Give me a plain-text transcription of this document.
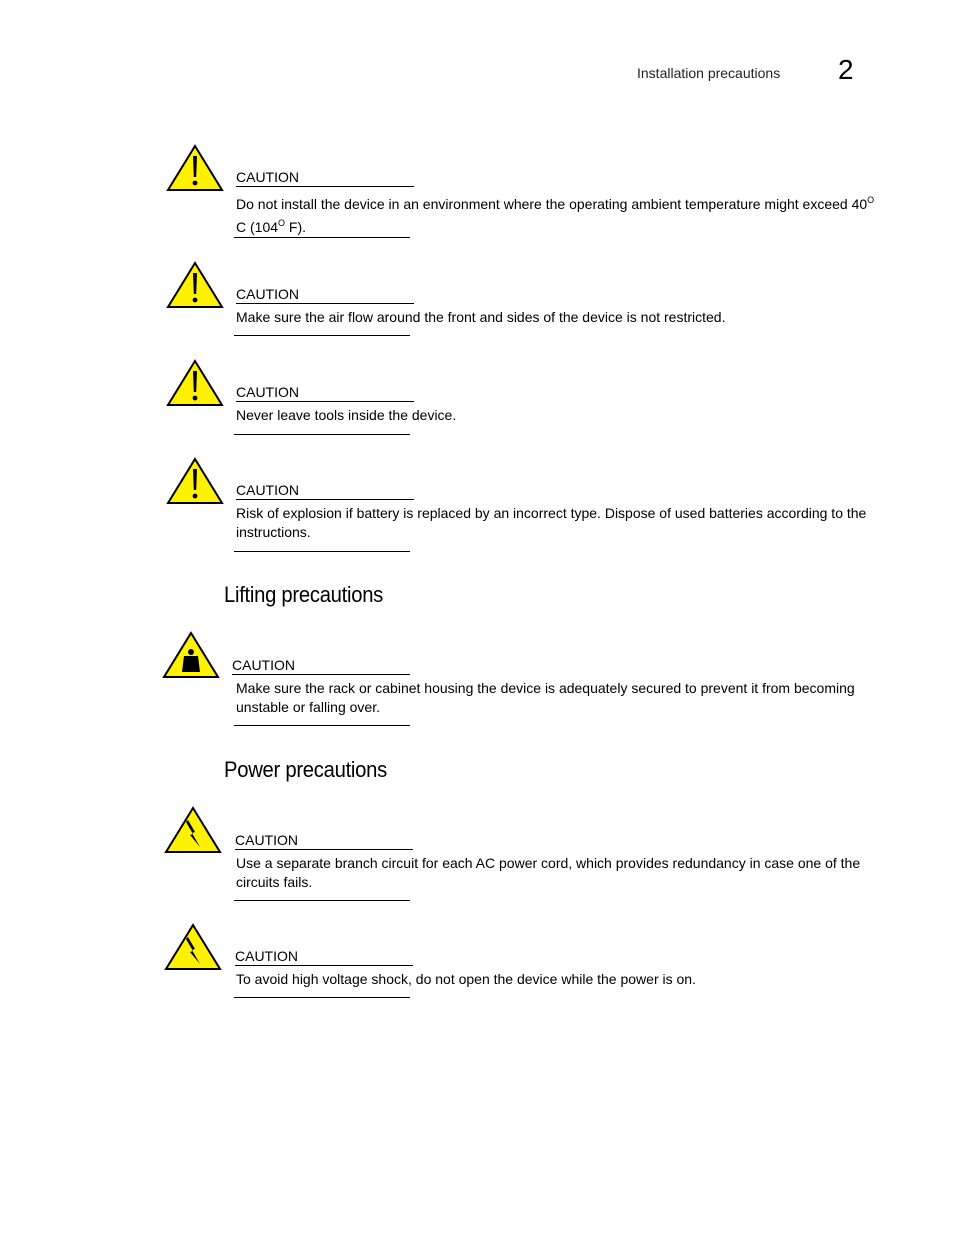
Installation precautions 2
CAUTION
Do not install the device in an environment where the operating ambient temperature might exceed $40^O$ C ($104^O$ F).
CAUTION
Make sure the air flow around the front and sides of the device is not restricted.
CAUTION
Never leave tools inside the device.
CAUTION
Risk of explosion if battery is replaced by an incorrect type. Dispose of used batteries according to the instructions.
Lifting precautions
CAUTION
Make sure the rack or cabinet housing the device is adequately secured to prevent it from becoming unstable or falling over.
Power precautions
CAUTION
Use a separate branch circuit for each AC power cord, which provides redundancy in case one of the circuits fails.
CAUTION
To avoid high voltage shock, do not open the device while the power is on.
